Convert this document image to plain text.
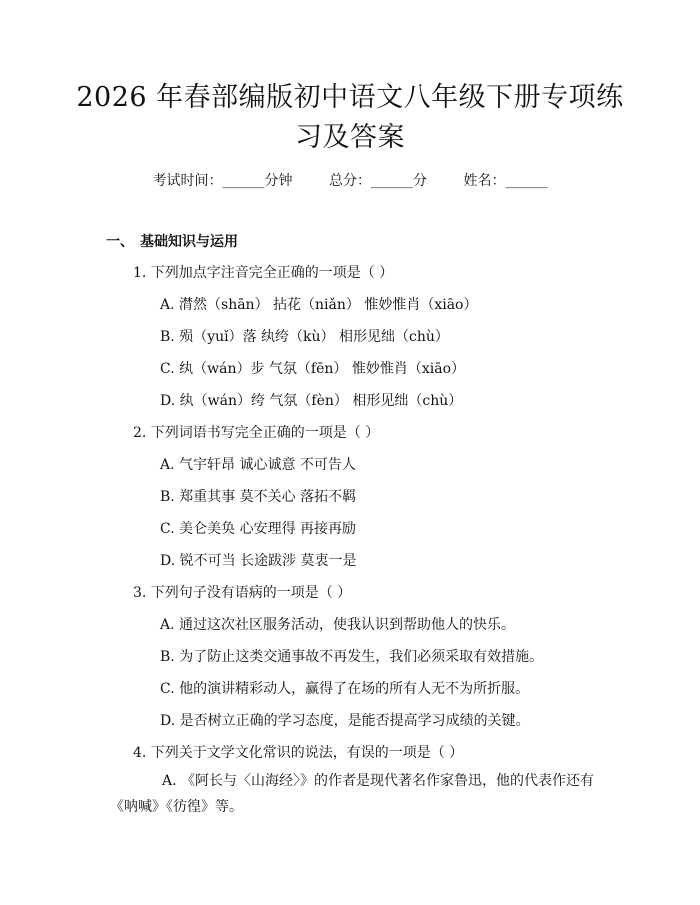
2026 年春部编版初中语文八年级下册专项练
习及答案
考试时间：______分钟	总分：______分	姓名：______
一、 基础知识与运用
1. 下列加点字注音完全正确的一项是（ ）
A. 潸然（shān） 拈花（niǎn） 惟妙惟肖（xiāo）
B. 殒（yuǐ）落 纨绔（kù） 相形见绌（chù）
C. 纨（wán）步 气氛（fēn） 惟妙惟肖（xiāo）
D. 纨（wán）绔 气氛（fèn） 相形见绌（chù）
2. 下列词语书写完全正确的一项是（ ）
A. 气宇轩昂 诚心诚意 不可告人
B. 郑重其事 莫不关心 落拓不羁
C. 美仑美奂 心安理得 再接再励
D. 锐不可当 长途跋涉 莫衷一是
3. 下列句子没有语病的一项是（ ）
A. 通过这次社区服务活动，使我认识到帮助他人的快乐。
B. 为了防止这类交通事故不再发生，我们必须采取有效措施。
C. 他的演讲精彩动人，赢得了在场的所有人无不为所折服。
D. 是否树立正确的学习态度，是能否提高学习成绩的关键。
4. 下列关于文学文化常识的说法，有误的一项是（ ）
A. 《阿长与〈山海经〉》的作者是现代著名作家鲁迅，他的代表作还有《呐喊》《彷徨》等。
